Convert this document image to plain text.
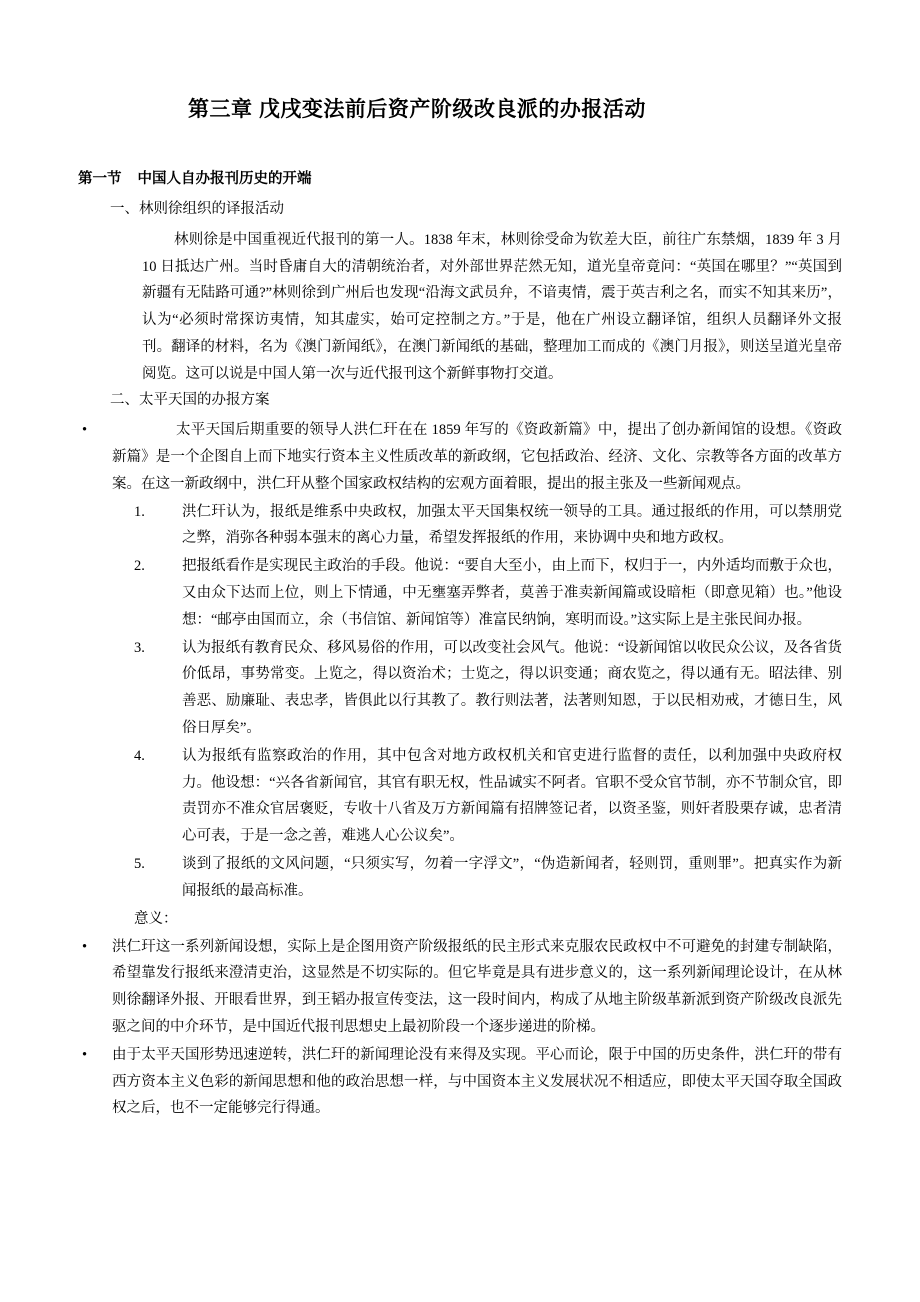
第三章 戊戌变法前后资产阶级改良派的办报活动
第一节 中国人自办报刊历史的开端
一、林则徐组织的译报活动

林则徐是中国重视近代报刊的第一人。1838 年末，林则徐受命为钦差大臣，前往广东禁烟，1839 年 3 月 10 日抵达广州。当时昏庸自大的清朝统治者，对外部世界茫然无知，道光皇帝竟问：“英国在哪里？”“英国到新疆有无陆路可通?”林则徐到广州后也发现“沿海文武员弁，不谙夷情，震于英吉利之名，而实不知其来历”，认为“必须时常探访夷情，知其虚实，始可定控制之方。”于是，他在广州设立翻译馆，组织人员翻译外文报刊。翻译的材料，名为《澳门新闻纸》，在澳门新闻纸的基础，整理加工而成的《澳门月报》，则送呈道光皇帝阅览。这可以说是中国人第一次与近代报刊这个新鲜事物打交道。

二、太平天国的办报方案
•	太平天国后期重要的领导人洪仁玕在在 1859 年写的《资政新篇》中，提出了创办新闻馆的设想。《资政新篇》是一个企图自上而下地实行资本主义性质改革的新政纲，它包括政治、经济、文化、宗教等各方面的改革方案。在这一新政纲中，洪仁玕从整个国家政权结构的宏观方面着眼，提出的报主张及一些新闻观点。
1.	洪仁玕认为，报纸是维系中央政权，加强太平天国集权统一领导的工具。通过报纸的作用，可以禁朋党之弊，消弥各种弱本强末的离心力量，希望发挥报纸的作用，来协调中央和地方政权。
2.	把报纸看作是实现民主政治的手段。他说：“要自大至小，由上而下，权归于一，内外适均而敷于众也，又由众下达而上位，则上下情通，中无壅塞弄弊者，莫善于准卖新闻篇或设暗柜（即意见箱）也。”他设想：“邮亭由国而立，余（书信馆、新闻馆等）准富民纳饷，寒明而设。”这实际上是主张民间办报。
3.	认为报纸有教育民众、移风易俗的作用，可以改变社会风气。他说：“设新闻馆以收民众公议，及各省货价低昂，事势常变。上览之，得以资治术；士览之，得以识变通；商农览之，得以通有无。昭法律、别善恶、励廉耻、表忠孝，皆俱此以行其教了。教行则法著，法著则知恩，于以民相劝戒，才德日生，风俗日厚矣”。
4.	认为报纸有监察政治的作用，其中包含对地方政权机关和官吏进行监督的责任，以利加强中央政府权力。他设想：“兴各省新闻官，其官有职无权，性品诚实不阿者。官职不受众官节制，亦不节制众官，即责罚亦不准众官居褒贬，专收十八省及万方新闻篇有招牌签记者，以资圣鉴，则奸者股栗存诚，忠者清心可表，于是一念之善，难逃人心公议矣”。
5.	谈到了报纸的文风问题，“只须实写，勿着一字浮文”，“伪造新闻者，轻则罚，重则罪”。把真实作为新闻报纸的最高标准。
意义：
•	洪仁玕这一系列新闻设想，实际上是企图用资产阶级报纸的民主形式来克服农民政权中不可避免的封建专制缺陷，希望靠发行报纸来澄清吏治，这显然是不切实际的。但它毕竟是具有进步意义的，这一系列新闻理论设计，在从林则徐翻译外报、开眼看世界，到王韬办报宣传变法，这一段时间内，构成了从地主阶级革新派到资产阶级改良派先驱之间的中介环节，是中国近代报刊思想史上最初阶段一个逐步递进的阶梯。
•	由于太平天国形势迅速逆转，洪仁玕的新闻理论没有来得及实现。平心而论，限于中国的历史条件，洪仁玕的带有西方资本主义色彩的新闻思想和他的政治思想一样，与中国资本主义发展状况不相适应，即使太平天国夺取全国政权之后，也不一定能够完行得通。
